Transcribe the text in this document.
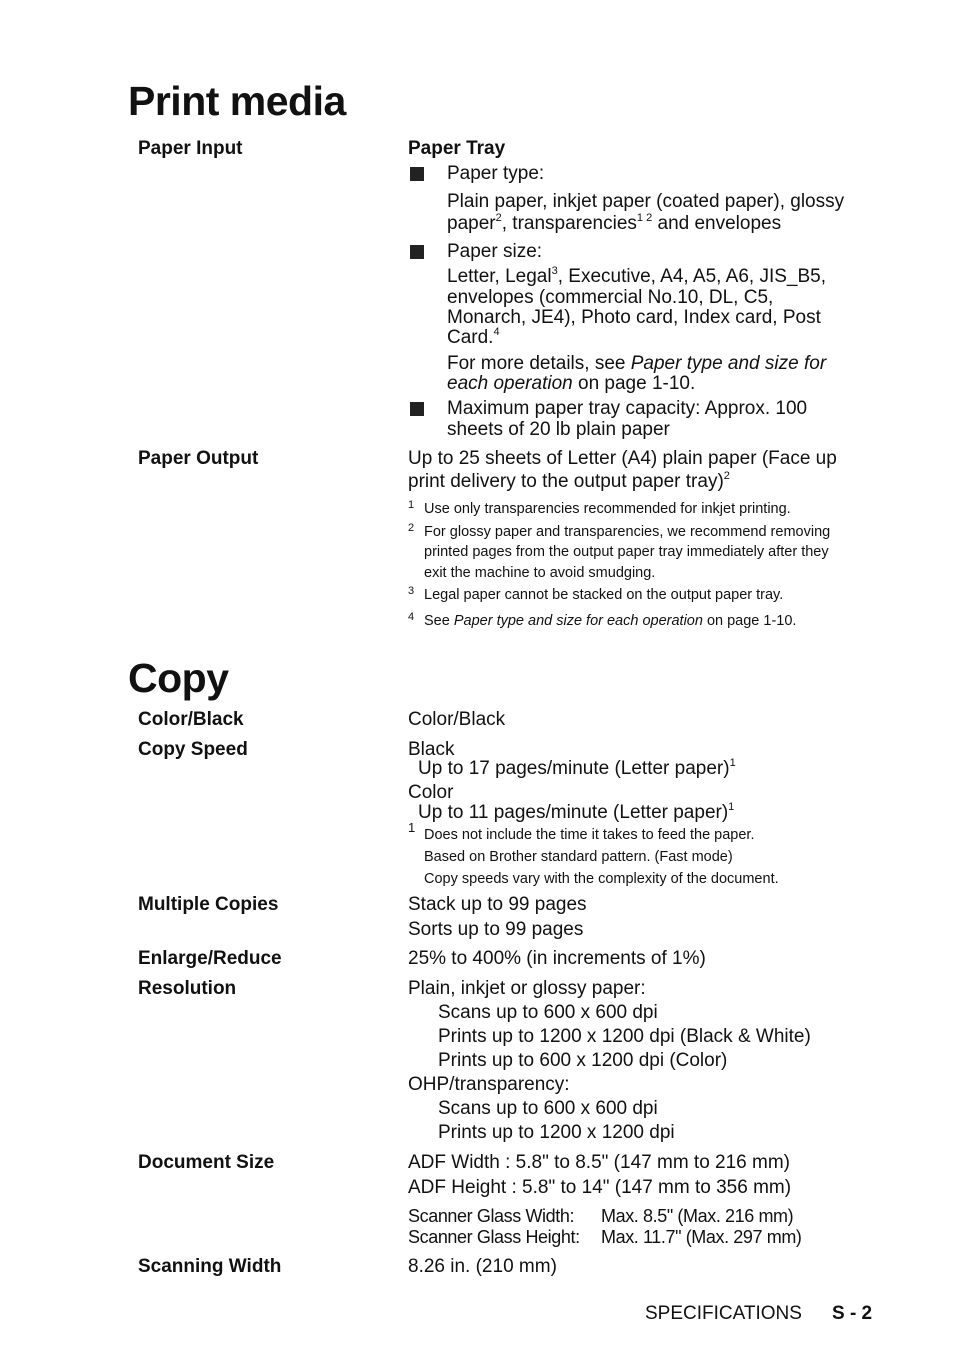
Print media
Paper Input	Paper Tray
Paper type:
Plain paper, inkjet paper (coated paper), glossy
paper$^2$, transparencies$^{1 2}$ and envelopes
Paper size:
Letter, Legal$^3$, Executive, A4, A5, A6, JIS_B5,
envelopes (commercial No.10, DL, C5,
Monarch, JE4), Photo card, Index card, Post
Card.$^4$
For more details, see Paper type and size for
each operation on page 1-10.
Maximum paper tray capacity: Approx. 100
sheets of 20 lb plain paper
Paper Output	Up to 25 sheets of Letter (A4) plain paper (Face up
print delivery to the output paper tray)$^2$
1 Use only transparencies recommended for inkjet printing.
2 For glossy paper and transparencies, we recommend removing
printed pages from the output paper tray immediately after they
exit the machine to avoid smudging.
3 Legal paper cannot be stacked on the output paper tray.
4 See Paper type and size for each operation on page 1-10.
Copy
Color/Black	Color/Black
Copy Speed	Black
Up to 17 pages/minute (Letter paper)$^1$
Color
Up to 11 pages/minute (Letter paper)$^1$
1 Does not include the time it takes to feed the paper.
Based on Brother standard pattern. (Fast mode)
Copy speeds vary with the complexity of the document.
Multiple Copies	Stack up to 99 pages
Sorts up to 99 pages
Enlarge/Reduce	25% to 400% (in increments of 1%)
Resolution	Plain, inkjet or glossy paper:
Scans up to 600 x 600 dpi
Prints up to 1200 x 1200 dpi (Black & White)
Prints up to 600 x 1200 dpi (Color)
OHP/transparency:
Scans up to 600 x 600 dpi
Prints up to 1200 x 1200 dpi
Document Size	ADF Width : 5.8" to 8.5" (147 mm to 216 mm)
ADF Height : 5.8" to 14" (147 mm to 356 mm)
Scanner Glass Width: Max. 8.5" (Max. 216 mm)
Scanner Glass Height: Max. 11.7" (Max. 297 mm)
Scanning Width	8.26 in. (210 mm)
SPECIFICATIONS S - 2
